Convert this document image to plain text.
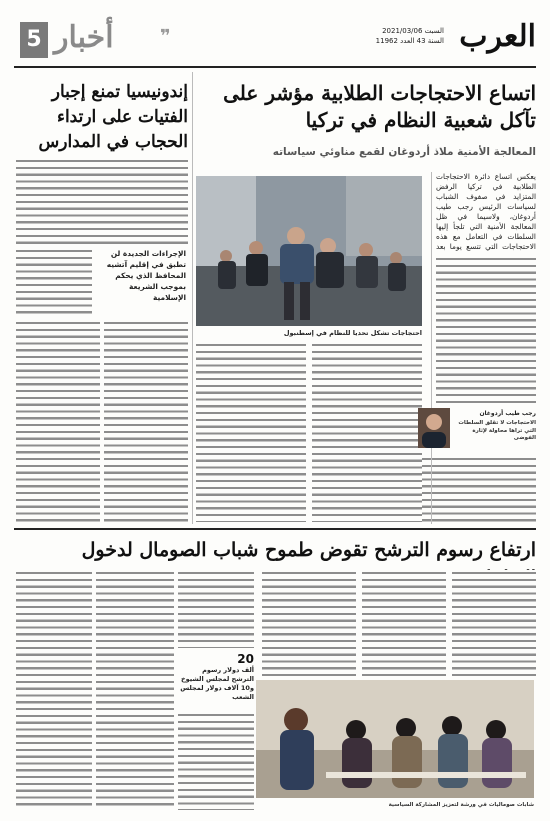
العرب
السبت 2021/03/06
السنة 43 العدد 11962
5 أخبار	❞
اتساع الاحتجاجات الطلابية مؤشر على تآكل شعبية النظام في تركيا
المعالجة الأمنية ملاذ أردوغان لقمع مناوئي سياساته
يعكس اتساع دائرة الاحتجاجات الطلابية في تركيا الرفض المتزايد في صفوف الشباب لسياسات الرئيس رجب طيب أردوغان، ولاسيما في ظل المعالجة الأمنية التي تلجأ إليها السلطات في التعامل مع هذه الاحتجاجات التي تتسع يوما بعد
احتجاجات تشكل تحديا للنظام في إسطنبول
رجب طيب أردوغان
الاحتجاجات لا تقلق السلطات التي تراها محاولة لإثارة الفوضى
إندونيسيا تمنع إجبار الفتيات على ارتداء الحجاب في المدارس
الإجراءات الجديدة لن تطبق في إقليم آتشيه المحافظ الذي يحكم بموجب الشريعة الإسلامية
ارتفاع رسوم الترشح تقوض طموح شباب الصومال لدخول
20
ألف دولار رسوم الترشح لمجلس الشيوخ و10 آلاف دولار لمجلس الشعب
شابات صوماليات في ورشة لتعزيز المشاركة السياسية
